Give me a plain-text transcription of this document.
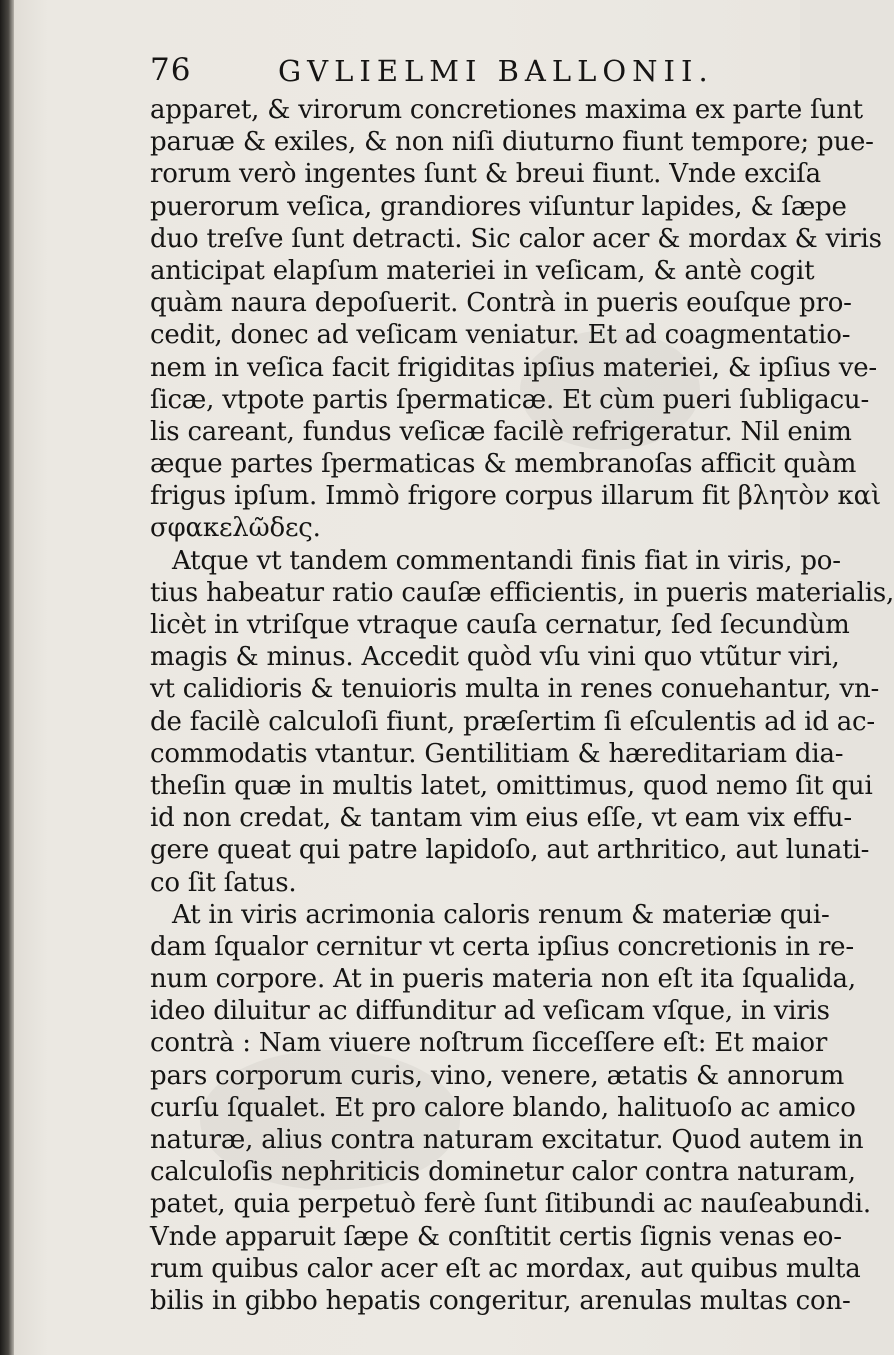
76	GVLIELMI BALLONII.
apparet, & virorum concretiones maxima ex parte ſunt
paruæ & exiles, & non niſi diuturno fiunt tempore; pue-
rorum verò ingentes ſunt & breui fiunt. Vnde exciſa
puerorum veſica, grandiores viſuntur lapides, & ſæpe
duo treſve ſunt detracti. Sic calor acer & mordax & viris
anticipat elapſum materiei in veſicam, & antè cogit
quàm naura depoſuerit. Contrà in pueris eouſque pro-
cedit, donec ad veſicam veniatur. Et ad coagmentatio-
nem in veſica facit frigiditas ipſius materiei, & ipſius ve-
ſicæ, vtpote partis ſpermaticæ. Et cùm pueri ſubligacu-
lis careant, fundus veſicæ facilè refrigeratur. Nil enim
æque partes ſpermaticas & membranoſas afficit quàm
frigus ipſum. Immò frigore corpus illarum fit βλητὸν καὶ
σφακελῶδες.
Atque vt tandem commentandi finis fiat in viris, po-
tius habeatur ratio cauſæ efficientis, in pueris materialis,
licèt in vtriſque vtraque cauſa cernatur, ſed ſecundùm
magis & minus. Accedit quòd vſu vini quo vtũtur viri,
vt calidioris & tenuioris multa in renes conuehantur, vn-
de facilè calculoſi fiunt, præſertim ſi eſculentis ad id ac-
commodatis vtantur. Gentilitiam & hæreditariam dia-
theſin quæ in multis latet, omittimus, quod nemo ſit qui
id non credat, & tantam vim eius eſſe, vt eam vix effu-
gere queat qui patre lapidoſo, aut arthritico, aut lunati-
co ſit ſatus.
At in viris acrimonia caloris renum & materiæ qui-
dam ſqualor cernitur vt certa ipſius concretionis in re-
num corpore. At in pueris materia non eſt ita ſqualida,
ideo diluitur ac diffunditur ad veſicam vſque, in viris
contrà : Nam viuere noſtrum ſicceſſere eſt: Et maior
pars corporum curis, vino, venere, ætatis & annorum
curſu ſqualet. Et pro calore blando, halituoſo ac amico
naturæ, alius contra naturam excitatur. Quod autem in
calculoſis nephriticis dominetur calor contra naturam,
patet, quia perpetuò ferè ſunt ſitibundi ac nauſeabundi.
Vnde apparuit ſæpe & conſtitit certis ſignis venas eo-
rum quibus calor acer eſt ac mordax, aut quibus multa
bilis in gibbo hepatis congeritur, arenulas multas con-
